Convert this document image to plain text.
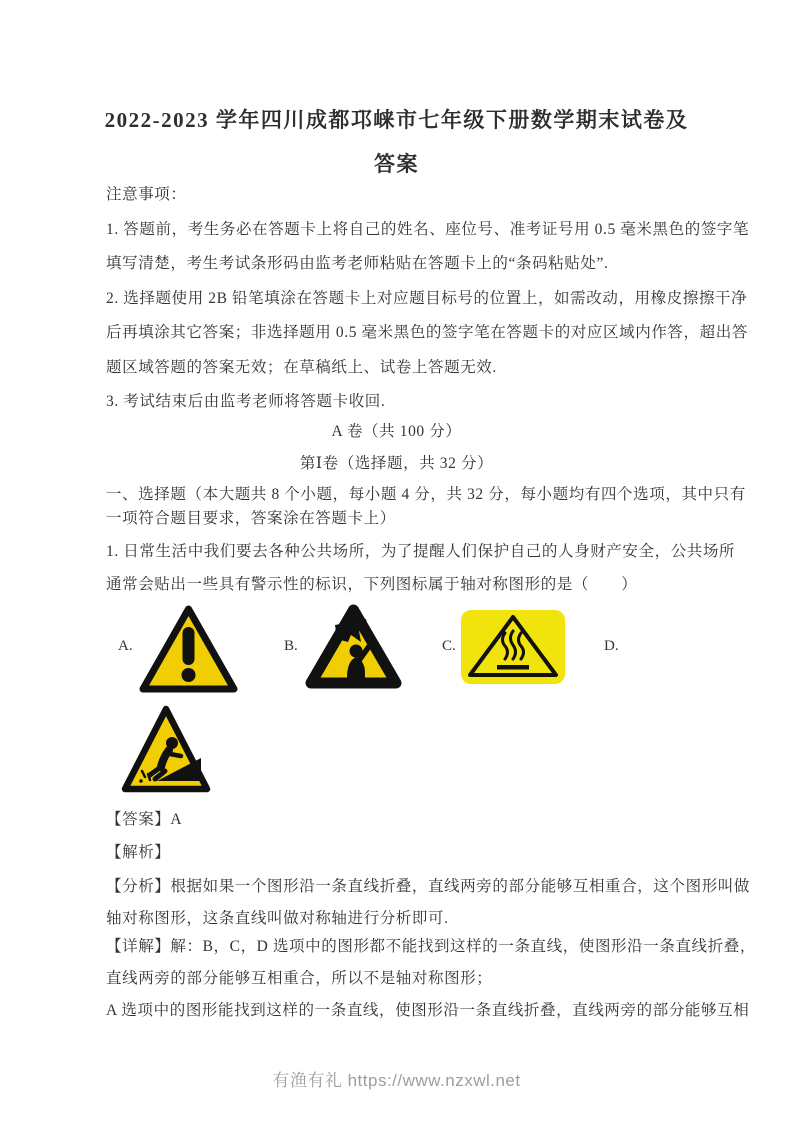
2022-2023 学年四川成都邛崃市七年级下册数学期末试卷及
答案
注意事项：
1. 答题前，考生务必在答题卡上将自己的姓名、座位号、准考证号用 0.5 毫米黑色的签字笔
填写清楚，考生考试条形码由监考老师粘贴在答题卡上的“条码粘贴处”.
2. 选择题使用 2B 铅笔填涂在答题卡上对应题目标号的位置上，如需改动，用橡皮擦擦干净
后再填涂其它答案；非选择题用 0.5 毫米黑色的签字笔在答题卡的对应区域内作答，超出答
题区域答题的答案无效；在草稿纸上、试卷上答题无效.
3. 考试结束后由监考老师将答题卡收回.
A 卷（共 100 分）
第Ⅰ卷（选择题，共 32 分）
一、选择题（本大题共 8 个小题，每小题 4 分，共 32 分，每小题均有四个选项，其中只有
一项符合题目要求，答案涂在答题卡上）
1. 日常生活中我们要去各种公共场所，为了提醒人们保护自己的人身财产安全，公共场所
通常会贴出一些具有警示性的标识，下列图标属于轴对称图形的是（　　）
A.	B.	C.	D.
【答案】A
【解析】
【分析】根据如果一个图形沿一条直线折叠，直线两旁的部分能够互相重合，这个图形叫做
轴对称图形，这条直线叫做对称轴进行分析即可.
【详解】解：B，C，D 选项中的图形都不能找到这样的一条直线，使图形沿一条直线折叠，
直线两旁的部分能够互相重合，所以不是轴对称图形；
A 选项中的图形能找到这样的一条直线，使图形沿一条直线折叠，直线两旁的部分能够互相
有渔有礼 https://www.nzxwl.net
